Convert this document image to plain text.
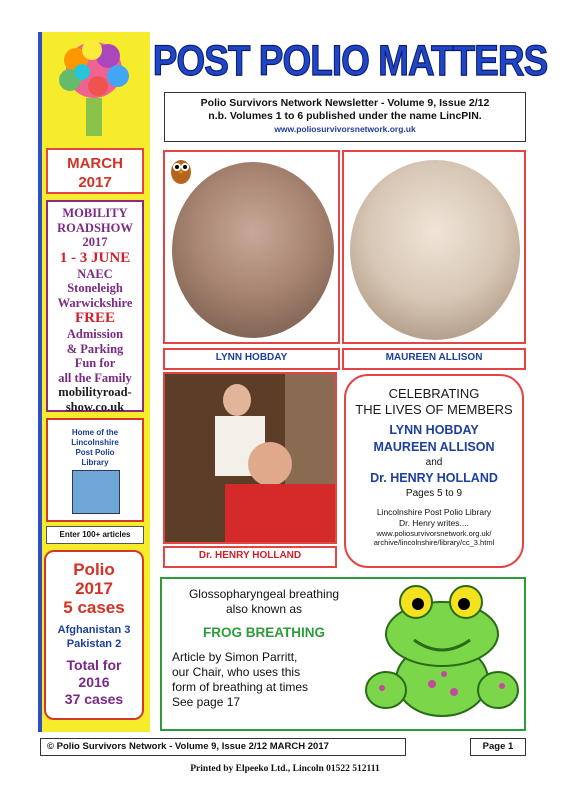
MARCH
2017
MOBILITY
ROADSHOW
2017
1 - 3 JUNE
NAEC
Stoneleigh
Warwickshire
FREE
Admission
& Parking
Fun for
all the Family
mobilityroad-
show.co.uk
Home of the
Lincolnshire
Post Polio
Library
Enter 100+ articles
Polio
2017
5 cases
Afghanistan 3
Pakistan 2
Total for
2016
37 cases
POST POLIO MATTERS
Polio Survivors Network Newsletter - Volume 9, Issue 2/12
n.b. Volumes 1 to 6 published under the name LincPIN.
www.poliosurvivorsnetwork.org.uk
LYNN HOBDAY	MAUREEN ALLISON
Dr. HENRY HOLLAND
CELEBRATING
THE LIVES OF MEMBERS
LYNN HOBDAY
MAUREEN ALLISON
and
Dr. HENRY HOLLAND
Pages 5 to 9
Lincolnshire Post Polio Library
Dr. Henry writes....
www.poliosurvivorsnetwork.org.uk/
archive/lincolnshire/library/cc_3.html
Glossopharyngeal breathing
also known as
FROG BREATHING
Article by Simon Parritt,
our Chair, who uses this
form of breathing at times
See page 17
© Polio Survivors Network - Volume 9, Issue 2/12 MARCH 2017	Page 1
Printed by Elpeeko Ltd., Lincoln 01522 512111
